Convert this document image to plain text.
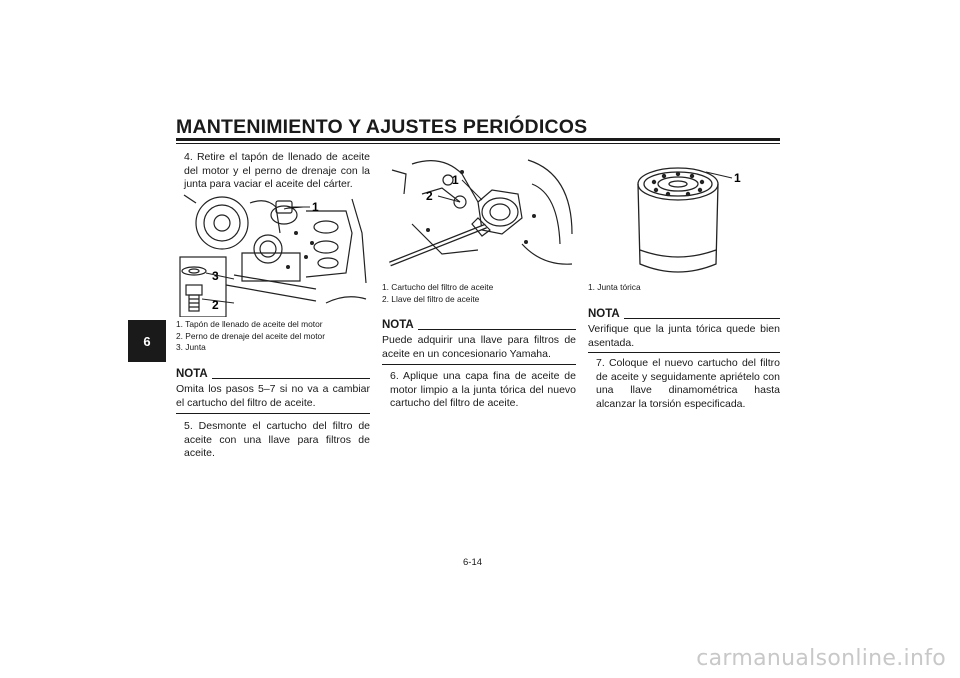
MANTENIMIENTO Y AJUSTES PERIÓDICOS
6

4. Retire el tapón de llenado de aceite del motor y el perno de drenaje con la junta para vaciar el aceite del cárter.

1
3
2
1. Tapón de llenado de aceite del motor
2. Perno de drenaje del aceite del motor
3. Junta
NOTA

Omita los pasos 5–7 si no va a cambiar el cartucho del filtro de aceite.

5. Desmonte el cartucho del filtro de aceite con una llave para filtros de aceite.

1
2
1. Cartucho del filtro de aceite
2. Llave del filtro de aceite
NOTA

Puede adquirir una llave para filtros de aceite en un concesionario Yamaha.

6. Aplique una capa fina de aceite de motor limpio a la junta tórica del nuevo cartucho del filtro de aceite.

1
1. Junta tórica
NOTA

Verifique que la junta tórica quede bien asentada.

7. Coloque el nuevo cartucho del filtro de aceite y seguidamente apriételo con una llave dinamométrica hasta alcanzar la torsión especificada.

6-14
carmanualsonline.info
